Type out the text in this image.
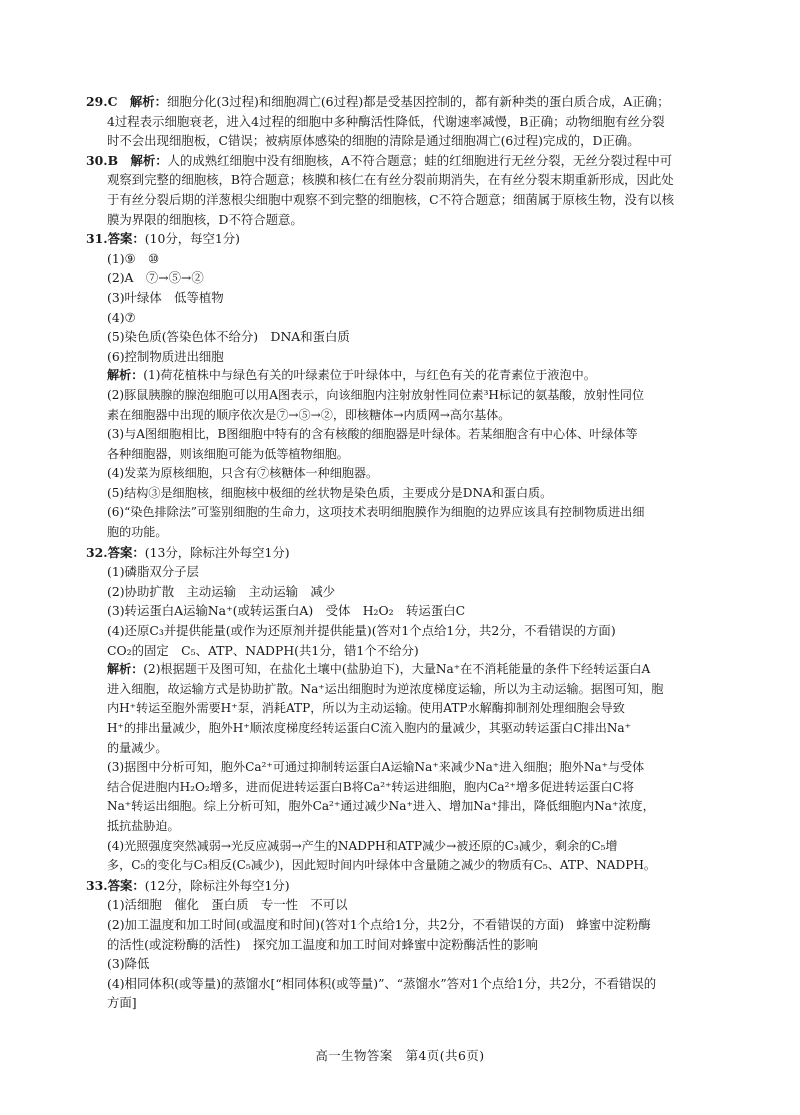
29.C　 解析：细胞分化(3过程)和细胞凋亡(6过程)都是受基因控制的，都有新种类的蛋白质合成，A正确；
4过程表示细胞衰老，进入4过程的细胞中多种酶活性降低，代谢速率减慢，B正确；动物细胞有丝分裂
时不会出现细胞板，C错误；被病原体感染的细胞的清除是通过细胞凋亡(6过程)完成的，D正确。
30.B　 解析：人的成熟红细胞中没有细胞核，A不符合题意；蛙的红细胞进行无丝分裂，无丝分裂过程中可
观察到完整的细胞核，B符合题意；核膜和核仁在有丝分裂前期消失，在有丝分裂末期重新形成，因此处
于有丝分裂后期的洋葱根尖细胞中观察不到完整的细胞核，C不符合题意；细菌属于原核生物，没有以核
膜为界限的细胞核，D不符合题意。
31.答案：(10分，每空1分)
(1)⑨　⑩
(2)A　⑦→⑤→②
(3)叶绿体　低等植物
(4)⑦
(5)染色质(答染色体不给分)　DNA和蛋白质
(6)控制物质进出细胞
解析：(1)荷花植株中与绿色有关的叶绿素位于叶绿体中，与红色有关的花青素位于液泡中。
(2)豚鼠胰腺的腺泡细胞可以用A图表示，向该细胞内注射放射性同位素³H标记的氨基酸，放射性同位
素在细胞器中出现的顺序依次是⑦→⑤→②，即核糖体→内质网→高尔基体。
(3)与A图细胞相比，B图细胞中特有的含有核酸的细胞器是叶绿体。若某细胞含有中心体、叶绿体等
各种细胞器，则该细胞可能为低等植物细胞。
(4)发菜为原核细胞，只含有⑦核糖体一种细胞器。
(5)结构③是细胞核，细胞核中极细的丝状物是染色质，主要成分是DNA和蛋白质。
(6)“染色排除法”可鉴别细胞的生命力，这项技术表明细胞膜作为细胞的边界应该具有控制物质进出细
胞的功能。
32.答案：(13分，除标注外每空1分)
(1)磷脂双分子层
(2)协助扩散　主动运输　主动运输　减少
(3)转运蛋白A运输Na⁺(或转运蛋白A)　受体　H₂O₂　转运蛋白C
(4)还原C₃并提供能量(或作为还原剂并提供能量)(答对1个点给1分，共2分，不看错误的方面)
CO₂的固定　C₅、ATP、NADPH(共1分，错1个不给分)
解析：(2)根据题干及图可知，在盐化土壤中(盐胁迫下)，大量Na⁺在不消耗能量的条件下经转运蛋白A
进入细胞，故运输方式是协助扩散。Na⁺运出细胞时为逆浓度梯度运输，所以为主动运输。据图可知，胞
内H⁺转运至胞外需要H⁺泵，消耗ATP，所以为主动运输。使用ATP水解酶抑制剂处理细胞会导致
H⁺的排出量减少，胞外H⁺顺浓度梯度经转运蛋白C流入胞内的量减少，其驱动转运蛋白C排出Na⁺
的量减少。
(3)据图中分析可知，胞外Ca²⁺可通过抑制转运蛋白A运输Na⁺来减少Na⁺进入细胞；胞外Na⁺与受体
结合促进胞内H₂O₂增多，进而促进转运蛋白B将Ca²⁺转运进细胞，胞内Ca²⁺增多促进转运蛋白C将
Na⁺转运出细胞。综上分析可知，胞外Ca²⁺通过减少Na⁺进入、增加Na⁺排出，降低细胞内Na⁺浓度，
抵抗盐胁迫。
(4)光照强度突然减弱→光反应减弱→产生的NADPH和ATP减少→被还原的C₃减少，剩余的C₅增
多，C₅的变化与C₃相反(C₅减少)，因此短时间内叶绿体中含量随之减少的物质有C₅、ATP、NADPH。
33.答案：(12分，除标注外每空1分)
(1)活细胞　催化　蛋白质　专一性　不可以
(2)加工温度和加工时间(或温度和时间)(答对1个点给1分，共2分，不看错误的方面)　蜂蜜中淀粉酶
的活性(或淀粉酶的活性)　探究加工温度和加工时间对蜂蜜中淀粉酶活性的影响
(3)降低
(4)相同体积(或等量)的蒸馏水[“相同体积(或等量)”、“蒸馏水”答对1个点给1分，共2分，不看错误的
方面]
高一生物答案　第4页(共6页)
